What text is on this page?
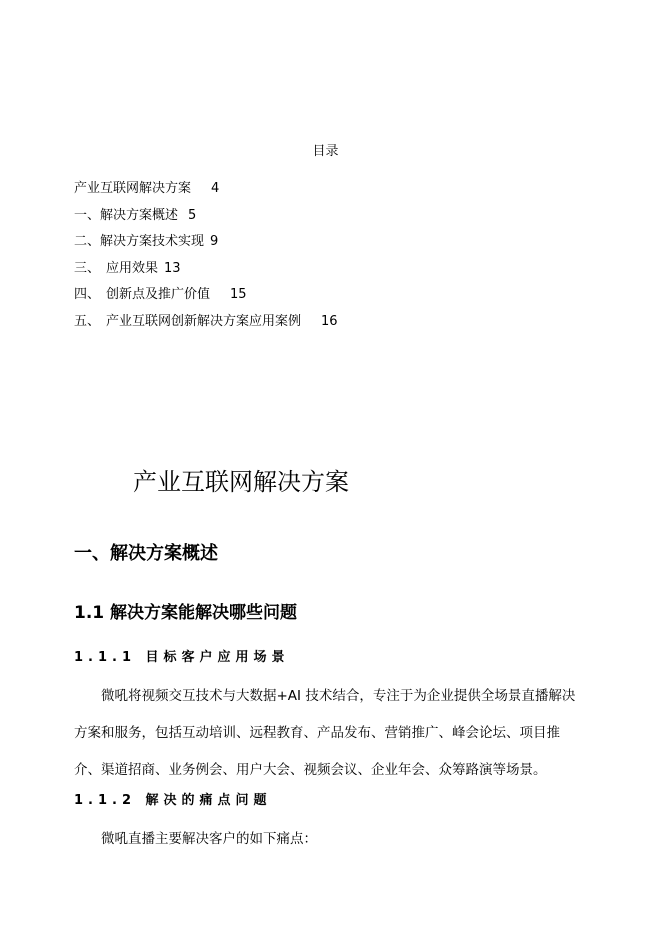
目录
产业互联网解决方案 4
一、解决方案概述 5
二、解决方案技术实现 9
三、 应用效果 13
四、 创新点及推广价值 15
五、 产业互联网创新解决方案应用案例 16
产业互联网解决方案
一、解决方案概述
1.1 解决方案能解决哪些问题
1.1.1 目标客户应用场景

微吼将视频交互技术与大数据+AI 技术结合，专注于为企业提供全场景直播解决方案和服务，包括互动培训、远程教育、产品发布、营销推广、峰会论坛、项目推介、渠道招商、业务例会、用户大会、视频会议、企业年会、众筹路演等场景。

1.1.2 解决的痛点问题

微吼直播主要解决客户的如下痛点：
